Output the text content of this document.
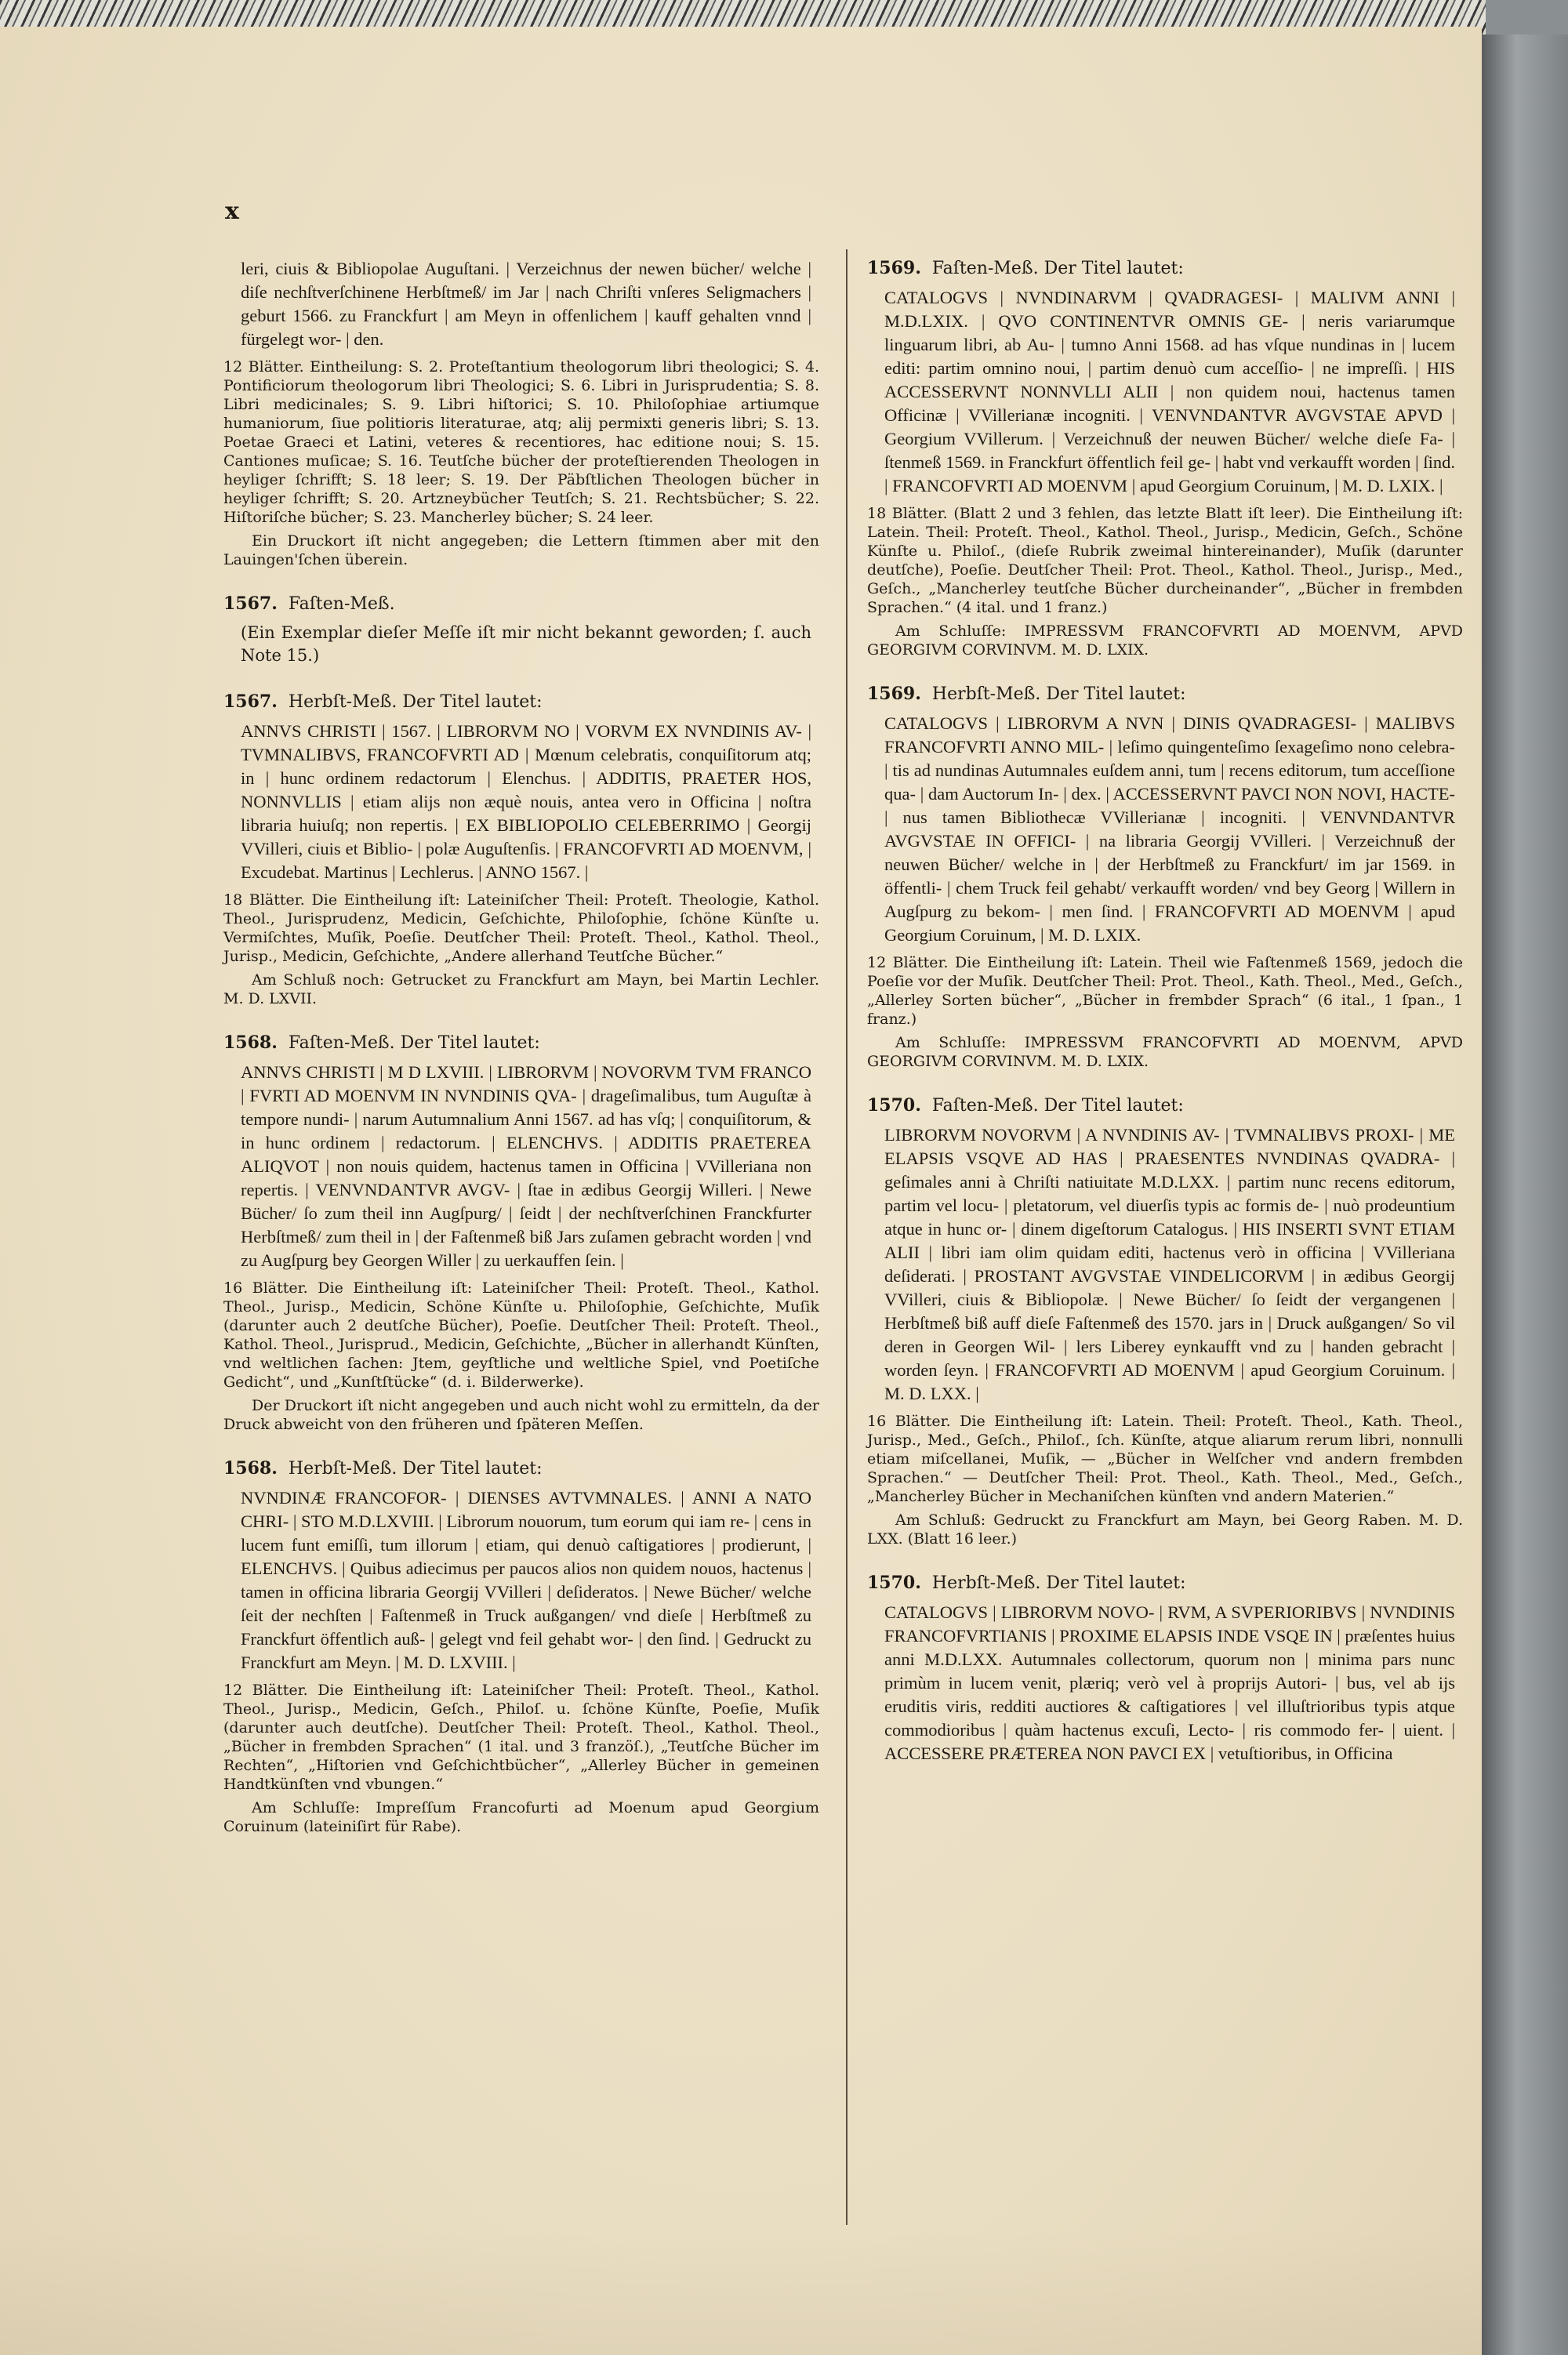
x
leri, ciuis & Bibliopolae Auguſtani. | Verzeichnus der newen bücher/ welche | diſe nechſtverſchinene Herbſtmeß/ im Jar | nach Chriſti vnſeres Seligmachers | geburt 1566. zu Franckfurt | am Meyn in offenlichem | kauff gehalten vnnd | fürgelegt wor- | den.
12 Blätter. Eintheilung: S. 2. Proteſtantium theologorum libri theologici; S. 4. Pontificiorum theologorum libri Theologici; S. 6. Libri in Jurisprudentia; S. 8. Libri medicinales; S. 9. Libri hiſtorici; S. 10. Philoſophiae artiumque humaniorum, ſiue politioris literaturae, atq; alij permixti generis libri; S. 13. Poetae Graeci et Latini, veteres & recentiores, hac editione noui; S. 15. Cantiones muſicae; S. 16. Teutſche bücher der proteſtierenden Theologen in heyliger ſchrifft; S. 18 leer; S. 19. Der Päbſtlichen Theologen bücher in heyliger ſchrifft; S. 20. Artzneybücher Teutſch; S. 21. Rechtsbücher; S. 22. Hiſtoriſche bücher; S. 23. Mancherley bücher; S. 24 leer.
Ein Druckort iſt nicht angegeben; die Lettern ſtimmen aber mit den Lauingen'ſchen überein.
1567. Faſten-Meß.
(Ein Exemplar dieſer Meſſe iſt mir nicht bekannt geworden; ſ. auch Note 15.)
1567. Herbſt-Meß. Der Titel lautet:
ANNVS CHRISTI | 1567. | LIBRORVM NO | VORVM EX NVNDINIS AV- | TVMNALIBVS, FRANCOFVRTI AD | Mœnum celebratis, conquiſitorum atq; in | hunc ordinem redactorum | Elenchus. | ADDITIS, PRAETER HOS, NONNVLLIS | etiam alijs non æquè nouis, antea vero in Officina | noſtra libraria huiuſq; non repertis. | EX BIBLIOPOLIO CELEBERRIMO | Georgij VVilleri, ciuis et Biblio- | polæ Auguſtenſis. | FRANCOFVRTI AD MOENVM, | Excudebat. Martinus | Lechlerus. | ANNO 1567. |
18 Blätter. Die Eintheilung iſt: Lateiniſcher Theil: Proteſt. Theologie, Kathol. Theol., Jurisprudenz, Medicin, Geſchichte, Philoſophie, ſchöne Künſte u. Vermiſchtes, Muſik, Poeſie. Deutſcher Theil: Proteſt. Theol., Kathol. Theol., Jurisp., Medicin, Geſchichte, „Andere allerhand Teutſche Bücher.“
Am Schluß noch: Getrucket zu Franckfurt am Mayn, bei Martin Lechler. M. D. LXVII.
1568. Faſten-Meß. Der Titel lautet:
ANNVS CHRISTI | M D LXVIII. | LIBRORVM | NOVORVM TVM FRANCO | FVRTI AD MOENVM IN NVNDINIS QVA- | drageſimalibus, tum Auguſtæ à tempore nundi- | narum Autumnalium Anni 1567. ad has vſq; | conquiſitorum, & in hunc ordinem | redactorum. | ELENCHVS. | ADDITIS PRAETEREA ALIQVOT | non nouis quidem, hactenus tamen in Officina | VVilleriana non repertis. | VENVNDANTVR AVGV- | ſtae in ædibus Georgij Willeri. | Newe Bücher/ ſo zum theil inn Augſpurg/ | ſeidt | der nechſtverſchinen Franckfurter Herbſtmeß/ zum theil in | der Faſtenmeß biß Jars zuſamen gebracht worden | vnd zu Augſpurg bey Georgen Willer | zu uerkauffen ſein. |
16 Blätter. Die Eintheilung iſt: Lateiniſcher Theil: Proteſt. Theol., Kathol. Theol., Jurisp., Medicin, Schöne Künſte u. Philoſophie, Geſchichte, Muſik (darunter auch 2 deutſche Bücher), Poeſie. Deutſcher Theil: Proteſt. Theol., Kathol. Theol., Jurisprud., Medicin, Geſchichte, „Bücher in allerhandt Künſten, vnd weltlichen ſachen: Jtem, geyſtliche und weltliche Spiel, vnd Poetiſche Gedicht“, und „Kunſtſtücke“ (d. i. Bilderwerke).
Der Druckort iſt nicht angegeben und auch nicht wohl zu ermitteln, da der Druck abweicht von den früheren und ſpäteren Meſſen.
1568. Herbſt-Meß. Der Titel lautet:
NVNDINÆ FRANCOFOR- | DIENSES AVTVMNALES. | ANNI A NATO CHRI- | STO M.D.LXVIII. | Librorum nouorum, tum eorum qui iam re- | cens in lucem funt emiſſi, tum illorum | etiam, qui denuò caſtigatiores | prodierunt, | ELENCHVS. | Quibus adiecimus per paucos alios non quidem nouos, hactenus | tamen in officina libraria Georgij VVilleri | deſideratos. | Newe Bücher/ welche ſeit der nechſten | Faſtenmeß in Truck außgangen/ vnd dieſe | Herbſtmeß zu Franckfurt öffentlich auß- | gelegt vnd feil gehabt wor- | den ſind. | Gedruckt zu Franckfurt am Meyn. | M. D. LXVIII. |
12 Blätter. Die Eintheilung iſt: Lateiniſcher Theil: Proteſt. Theol., Kathol. Theol., Jurisp., Medicin, Geſch., Philoſ. u. ſchöne Künſte, Poeſie, Muſik (darunter auch deutſche). Deutſcher Theil: Proteſt. Theol., Kathol. Theol., „Bücher in frembden Sprachen“ (1 ital. und 3 franzöſ.), „Teutſche Bücher im Rechten“, „Hiſtorien vnd Geſchichtbücher“, „Allerley Bücher in gemeinen Handtkünſten vnd vbungen.“
Am Schluſſe: Impreſſum Francofurti ad Moenum apud Georgium Coruinum (lateiniſirt für Rabe).
1569. Faſten-Meß. Der Titel lautet:
CATALOGVS | NVNDINARVM | QVADRAGESI- | MALIVM ANNI | M.D.LXIX. | QVO CONTINENTVR OMNIS GE- | neris variarumque linguarum libri, ab Au- | tumno Anni 1568. ad has vſque nundinas in | lucem editi: partim omnino noui, | partim denuò cum acceſſio- | ne impreſſi. | HIS ACCESSERVNT NONNVLLI ALII | non quidem noui, hactenus tamen Officinæ | VVillerianæ incogniti. | VENVNDANTVR AVGVSTAE APVD | Georgium VVillerum. | Verzeichnuß der neuwen Bücher/ welche dieſe Fa- | ſtenmeß 1569. in Franckfurt öffentlich feil ge- | habt vnd verkaufft worden | ſind. | FRANCOFVRTI AD MOENVM | apud Georgium Coruinum, | M. D. LXIX. |
18 Blätter. (Blatt 2 und 3 fehlen, das letzte Blatt iſt leer). Die Eintheilung iſt: Latein. Theil: Proteſt. Theol., Kathol. Theol., Jurisp., Medicin, Geſch., Schöne Künſte u. Philoſ., (dieſe Rubrik zweimal hintereinander), Muſik (darunter deutſche), Poeſie. Deutſcher Theil: Prot. Theol., Kathol. Theol., Jurisp., Med., Geſch., „Mancherley teutſche Bücher durcheinander“, „Bücher in frembden Sprachen.“ (4 ital. und 1 franz.)
Am Schluſſe: IMPRESSVM FRANCOFVRTI AD MOENVM, APVD GEORGIVM CORVINVM. M. D. LXIX.
1569. Herbſt-Meß. Der Titel lautet:
CATALOGVS | LIBRORVM A NVN | DINIS QVADRAGESI- | MALIBVS FRANCOFVRTI ANNO MIL- | leſimo quingenteſimo ſexageſimo nono celebra- | tis ad nundinas Autumnales euſdem anni, tum | recens editorum, tum acceſſione qua- | dam Auctorum In- | dex. | ACCESSERVNT PAVCI NON NOVI, HACTE- | nus tamen Bibliothecæ VVillerianæ | incogniti. | VENVNDANTVR AVGVSTAE IN OFFICI- | na libraria Georgij VVilleri. | Verzeichnuß der neuwen Bücher/ welche in | der Herbſtmeß zu Franckfurt/ im jar 1569. in öffentli- | chem Truck feil gehabt/ verkaufft worden/ vnd bey Georg | Willern in Augſpurg zu bekom- | men ſind. | FRANCOFVRTI AD MOENVM | apud Georgium Coruinum, | M. D. LXIX.
12 Blätter. Die Eintheilung iſt: Latein. Theil wie Faſtenmeß 1569, jedoch die Poeſie vor der Muſik. Deutſcher Theil: Prot. Theol., Kath. Theol., Med., Geſch., „Allerley Sorten bücher“, „Bücher in frembder Sprach“ (6 ital., 1 ſpan., 1 franz.)
Am Schluſſe: IMPRESSVM FRANCOFVRTI AD MOENVM, APVD GEORGIVM CORVINVM. M. D. LXIX.
1570. Faſten-Meß. Der Titel lautet:
LIBRORVM NOVORVM | A NVNDINIS AV- | TVMNALIBVS PROXI- | ME ELAPSIS VSQVE AD HAS | PRAESENTES NVNDINAS QVADRA- | geſimales anni à Chriſti natiuitate M.D.LXX. | partim nunc recens editorum, partim vel locu- | pletatorum, vel diuerſis typis ac formis de- | nuò prodeuntium atque in hunc or- | dinem digeſtorum Catalogus. | HIS INSERTI SVNT ETIAM ALII | libri iam olim quidam editi, hactenus verò in officina | VVilleriana deſiderati. | PROSTANT AVGVSTAE VINDELICORVM | in ædibus Georgij VVilleri, ciuis & Bibliopolæ. | Newe Bücher/ ſo ſeidt der vergangenen | Herbſtmeß biß auff dieſe Faſtenmeß des 1570. jars in | Druck außgangen/ So vil deren in Georgen Wil- | lers Liberey eynkaufft vnd zu | handen gebracht | worden ſeyn. | FRANCOFVRTI AD MOENVM | apud Georgium Coruinum. | M. D. LXX. |
16 Blätter. Die Eintheilung iſt: Latein. Theil: Proteſt. Theol., Kath. Theol., Jurisp., Med., Geſch., Philoſ., ſch. Künſte, atque aliarum rerum libri, nonnulli etiam miſcellanei, Muſik, — „Bücher in Welſcher vnd andern frembden Sprachen.“ — Deutſcher Theil: Prot. Theol., Kath. Theol., Med., Geſch., „Mancherley Bücher in Mechaniſchen künſten vnd andern Materien.“
Am Schluß: Gedruckt zu Franckfurt am Mayn, bei Georg Raben. M. D. LXX. (Blatt 16 leer.)
1570. Herbſt-Meß. Der Titel lautet:
CATALOGVS | LIBRORVM NOVO- | RVM, A SVPERIORIBVS | NVNDINIS FRANCOFVRTIANIS | PROXIME ELAPSIS INDE VSQE IN | præſentes huius anni M.D.LXX. Autumnales collectorum, quorum non | minima pars nunc primùm in lucem venit, plæriq; verò vel à proprijs Autori- | bus, vel ab ijs eruditis viris, redditi auctiores & caſtigatiores | vel illuſtrioribus typis atque commodioribus | quàm hactenus excuſi, Lecto- | ris commodo fer- | uient. | ACCESSERE PRÆTEREA NON PAVCI EX | vetuſtioribus, in Officina
